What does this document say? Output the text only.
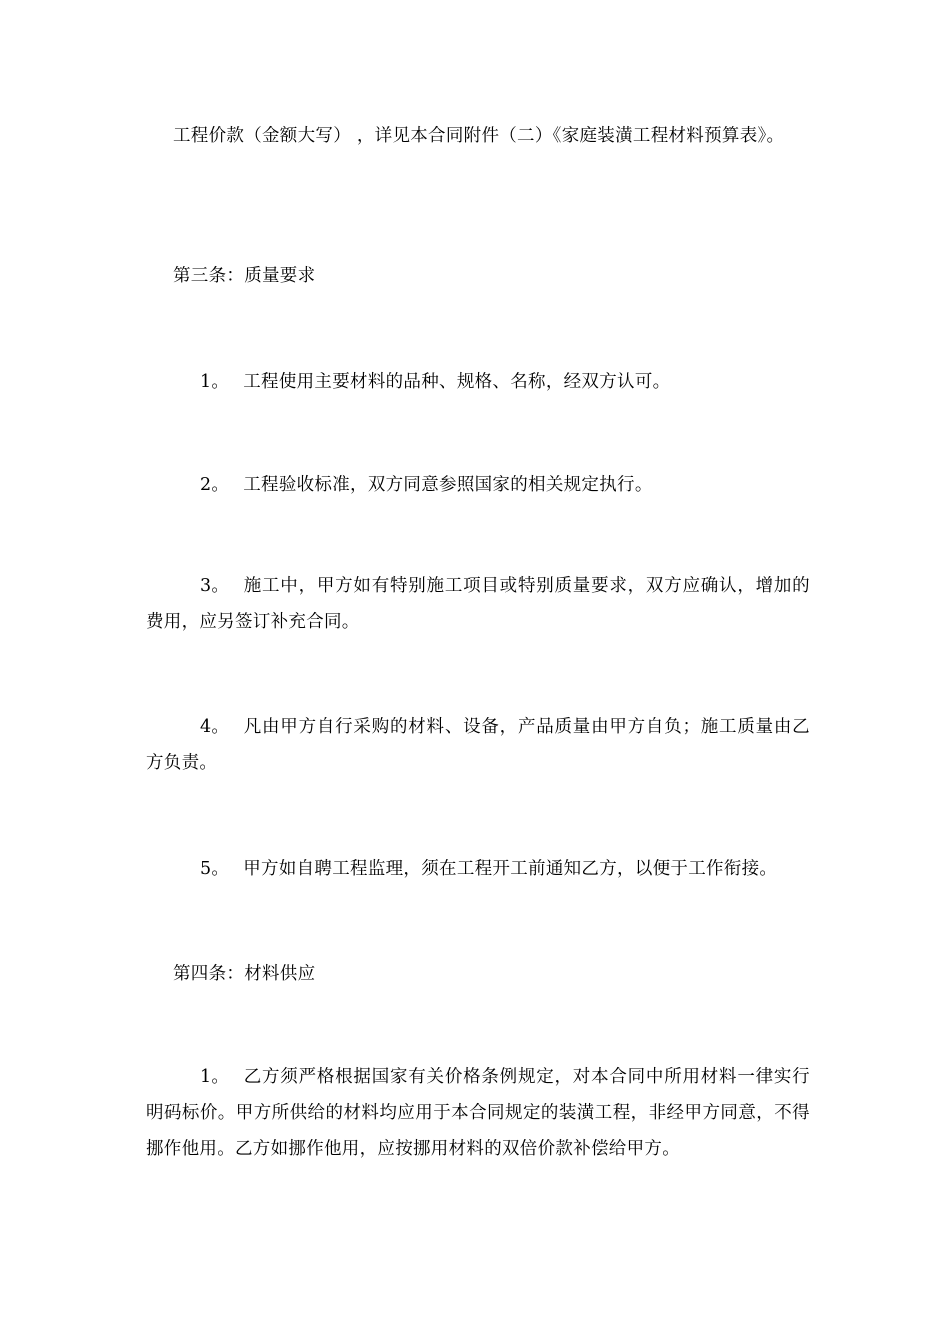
工程价款（金额大写） ，详见本合同附件（二）《家庭装潢工程材料预算表》。

第三条：质量要求

1。 工程使用主要材料的品种、规格、名称，经双方认可。

2。 工程验收标准，双方同意参照国家的相关规定执行。

3。 施工中，甲方如有特别施工项目或特别质量要求，双方应确认，增加的费用，应另签订补充合同。

4。 凡由甲方自行采购的材料、设备，产品质量由甲方自负；施工质量由乙方负责。

5。 甲方如自聘工程监理，须在工程开工前通知乙方，以便于工作衔接。

第四条：材料供应

1。 乙方须严格根据国家有关价格条例规定，对本合同中所用材料一律实行明码标价。甲方所供给的材料均应用于本合同规定的装潢工程，非经甲方同意，不得挪作他用。乙方如挪作他用，应按挪用材料的双倍价款补偿给甲方。
